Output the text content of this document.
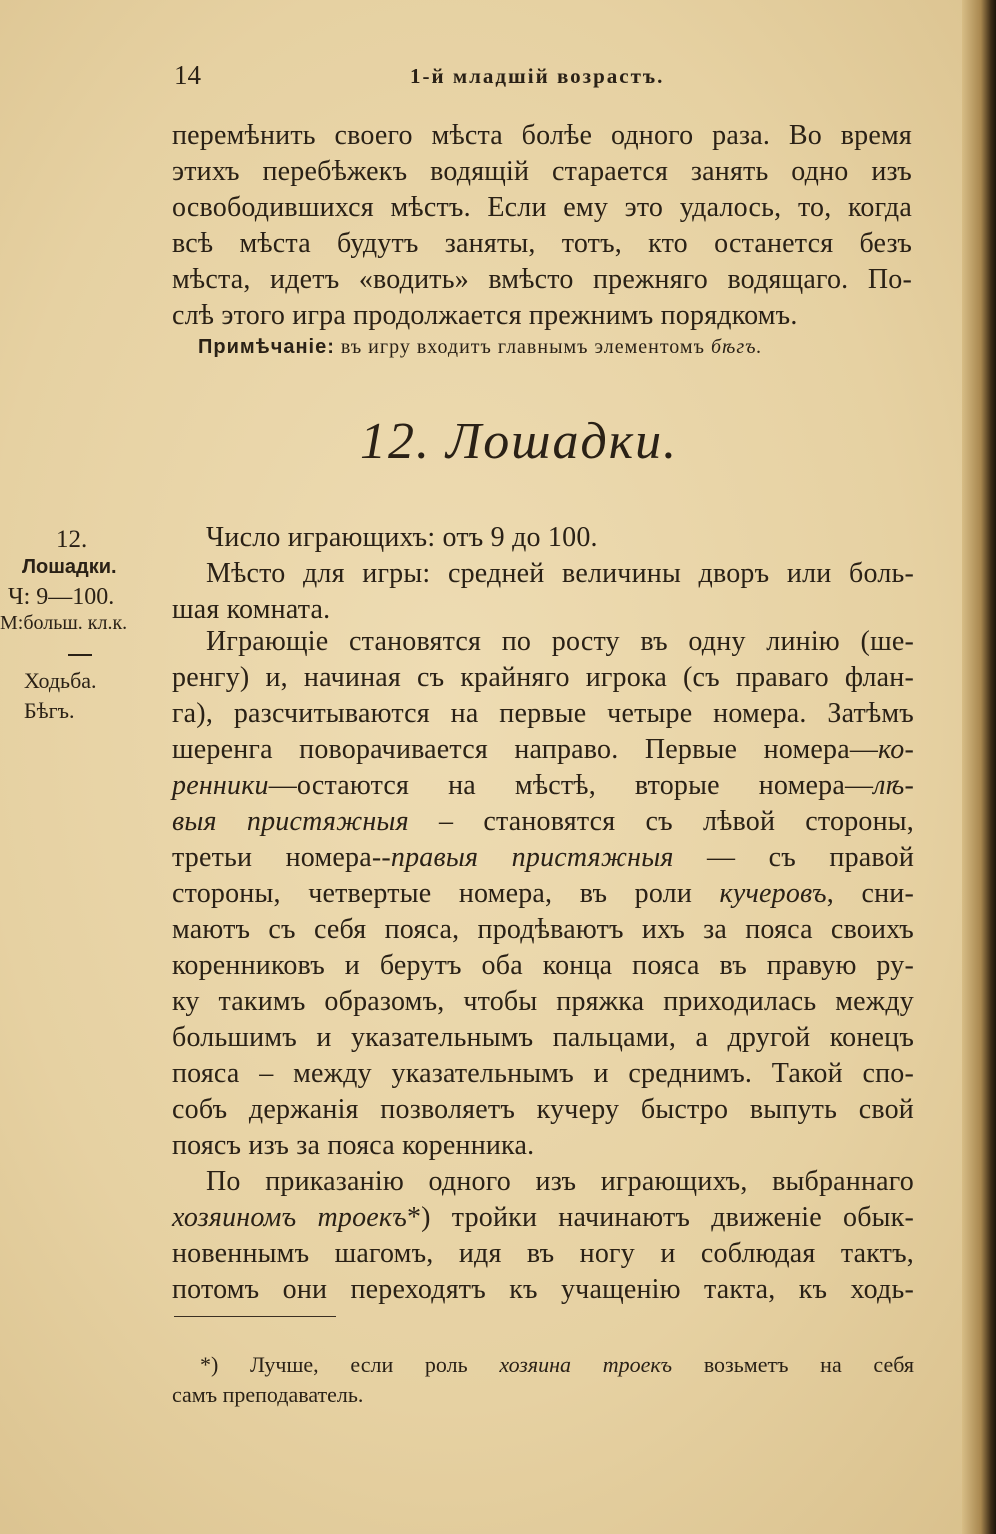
14	1-й младшій возрастъ.
перемѣнить своего мѣста болѣе одного раза. Во время
этихъ перебѣжекъ водящій старается занять одно изъ
освободившихся мѣстъ. Если ему это удалось, то, когда
всѣ мѣста будутъ заняты, тотъ, кто останется безъ
мѣста, идетъ «водить» вмѣсто прежняго водящаго. По-
слѣ этого игра продолжается прежнимъ порядкомъ.
Примѣчаніе: въ игру входитъ главнымъ элементомъ бѣгъ.
12. Лошадки.
12.
Лошадки.
Ч: 9—100.
М:больш. кл.к.
Ходьба.
Бѣгъ.
Число играющихъ: отъ 9 до 100.
Мѣсто для игры: средней величины дворъ или боль-
шая комната.
Играющіе становятся по росту въ одну линію (ше-
ренгу) и, начиная съ крайняго игрока (съ праваго флан-
га), разсчитываются на первые четыре номера. Затѣмъ
шеренга поворачивается направо. Первые номера—ко-
ренники—остаются на мѣстѣ, вторые номера—лѣ-
выя пристяжныя – становятся съ лѣвой стороны,
третьи номера--правыя пристяжныя — съ правой
стороны, четвертые номера, въ роли кучеровъ, сни-
маютъ съ себя пояса, продѣваютъ ихъ за пояса своихъ
коренниковъ и берутъ оба конца пояса въ правую ру-
ку такимъ образомъ, чтобы пряжка приходилась между
большимъ и указательнымъ пальцами, а другой конецъ
пояса – между указательнымъ и среднимъ. Такой спо-
собъ держанія позволяетъ кучеру быстро выпуть свой
поясъ изъ за пояса коренника.
По приказанію одного изъ играющихъ, выбраннаго
хозяиномъ троекъ*) тройки начинаютъ движеніе обык-
новеннымъ шагомъ, идя въ ногу и соблюдая тактъ,
потомъ они переходятъ къ учащенію такта, къ ходь-
*) Лучше, если роль хозяина троекъ возьметъ на себя
самъ преподаватель.
